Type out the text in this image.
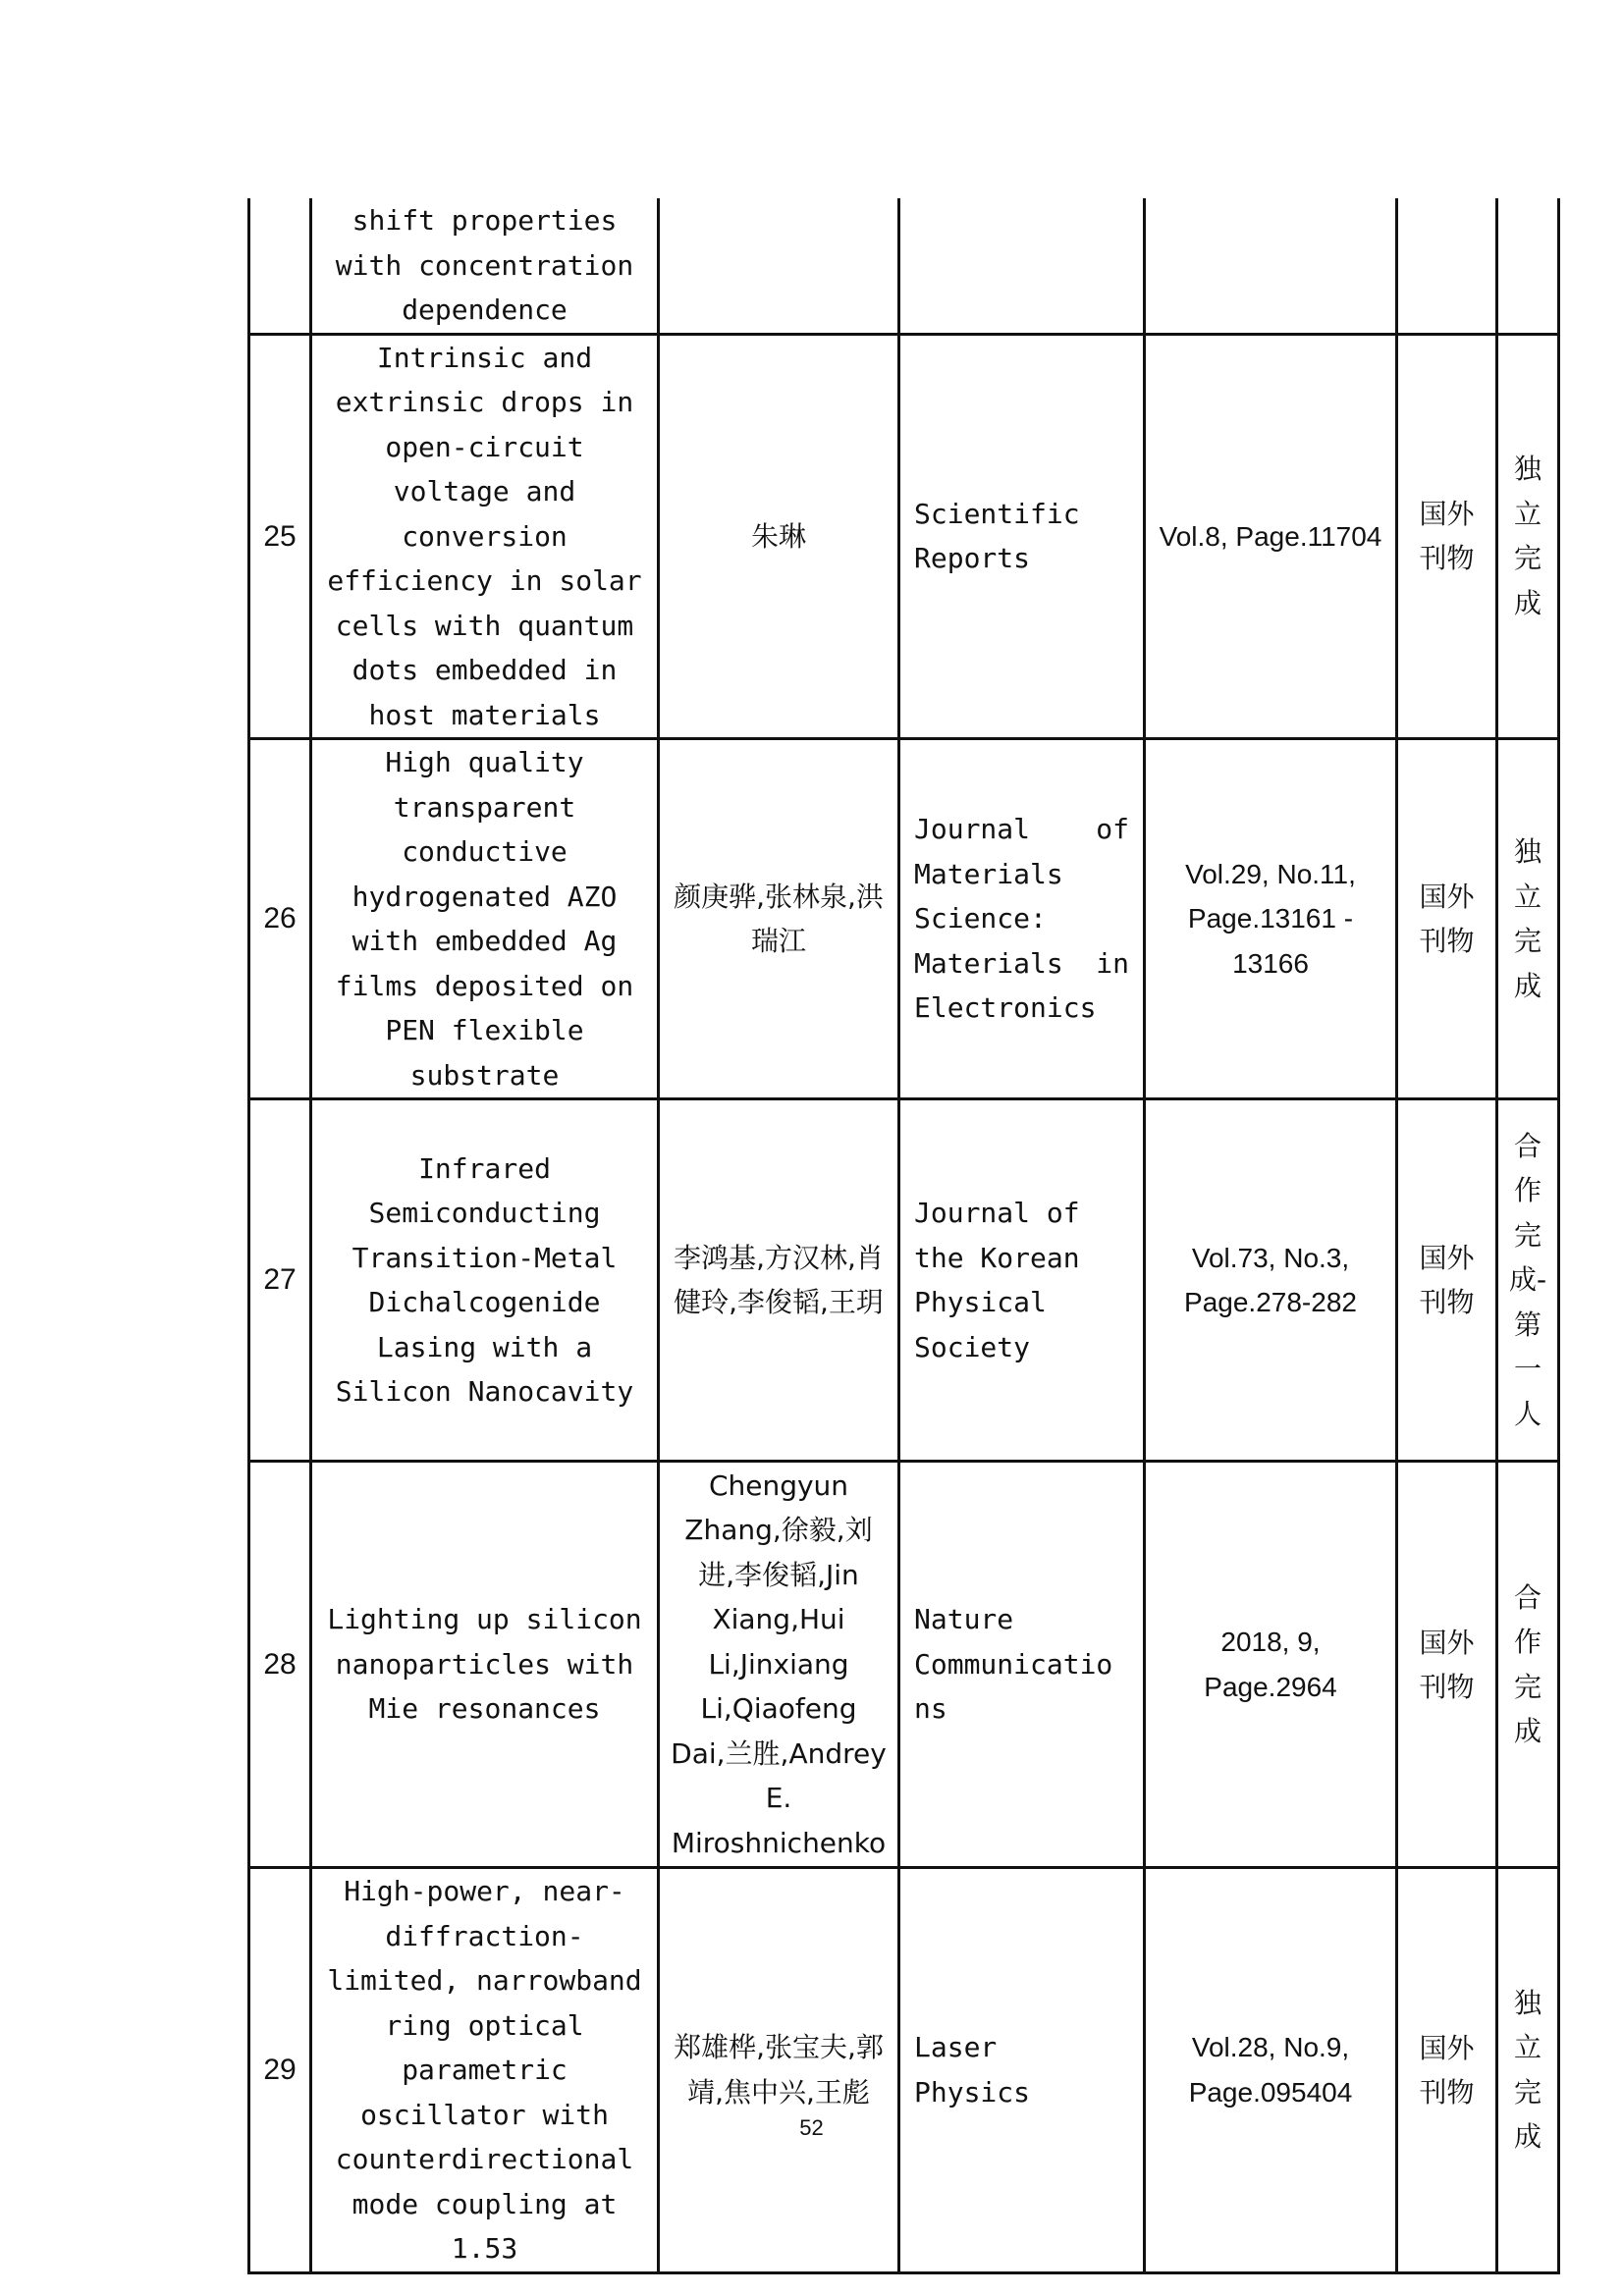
	shift properties with concentration dependence					
25	Intrinsic and extrinsic drops in open-circuit voltage and conversion efficiency in solar cells with quantum dots embedded in host materials	朱琳	Scientific Reports	Vol.8, Page.11704	国外刊物	独立完成
26	High quality transparent conductive hydrogenated AZO with embedded Ag films deposited on PEN flexible substrate	颜庚骅,张林泉,洪瑞江	Journal of Materials Science: Materials in Electronics	Vol.29, No.11, Page.13161 - 13166	国外刊物	独立完成
27	Infrared Semiconducting Transition-Metal Dichalcogenide Lasing with a Silicon Nanocavity	李鸿基,方汉林,肖健玲,李俊韬,王玥	Journal of the Korean Physical Society	Vol.73, No.3, Page.278-282	国外刊物	合作完成-第一人
28	Lighting up silicon nanoparticles with Mie resonances	Chengyun Zhang,徐毅,刘进,李俊韬,Jin Xiang,Hui Li,Jinxiang Li,Qiaofeng Dai,兰胜,Andrey E. Miroshnichenko	Nature Communications	2018, 9, Page.2964	国外刊物	合作完成
29	High-power, near-diffraction-limited, narrowband ring optical parametric oscillator with counterdirectional mode coupling at 1.53	郑雄桦,张宝夫,郭靖,焦中兴,王彪	Laser Physics	Vol.28, No.9, Page.095404	国外刊物	独立完成
52
